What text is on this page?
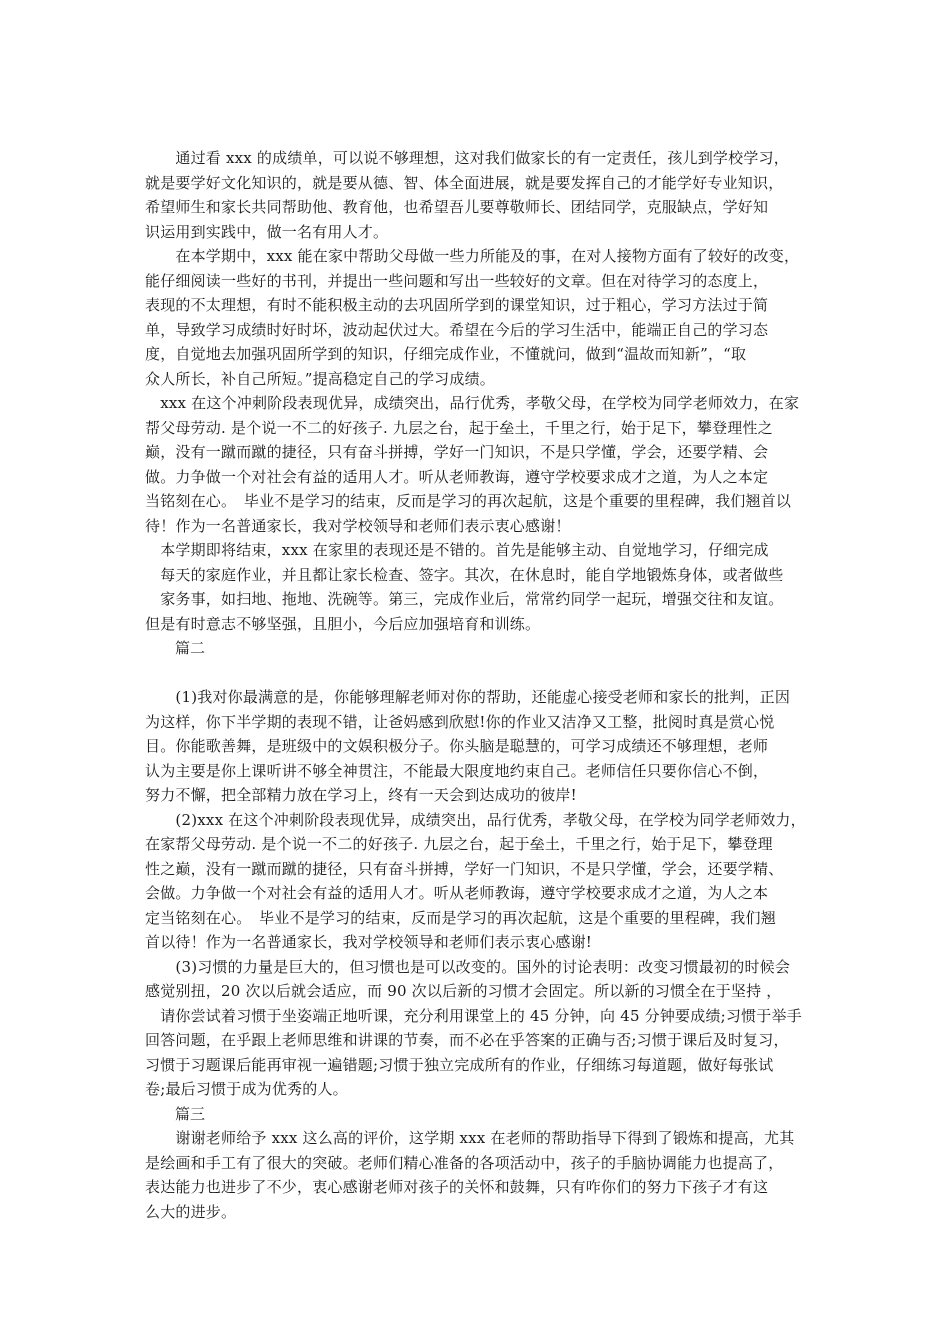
　　通过看 xxx 的成绩单，可以说不够理想，这对我们做家长的有一定责任，孩儿到学校学习，
就是要学好文化知识的，就是要从德、智、体全面进展，就是要发挥自己的才能学好专业知识，
希望师生和家长共同帮助他、教育他，也希望吾儿要尊敬师长、团结同学，克服缺点，学好知
识运用到实践中，做一名有用人才。

　　在本学期中，xxx 能在家中帮助父母做一些力所能及的事，在对人接物方面有了较好的改变，
能仔细阅读一些好的书刊，并提出一些问题和写出一些较好的文章。但在对待学习的态度上，
表现的不太理想，有时不能积极主动的去巩固所学到的课堂知识，过于粗心，学习方法过于简
单，导致学习成绩时好时坏，波动起伏过大。希望在今后的学习生活中，能端正自己的学习态
度，自觉地去加强巩固所学到的知识，仔细完成作业，不懂就问，做到“温故而知新”，“取
众人所长，补自己所短。”提高稳定自己的学习成绩。

　xxx 在这个冲刺阶段表现优异，成绩突出，品行优秀，孝敬父母，在学校为同学老师效力，在家
帮父母劳动. 是个说一不二的好孩子. 九层之台，起于垒土，千里之行，始于足下，攀登理性之
巅，没有一蹴而蹴的捷径，只有奋斗拼搏，学好一门知识，不是只学懂，学会，还要学精、会
做。力争做一个对社会有益的适用人才。听从老师教诲，遵守学校要求成才之道，为人之本定
当铭刻在心。　毕业不是学习的结束，反而是学习的再次起航，这是个重要的里程碑，我们翘首以
待！作为一名普通家长，我对学校领导和老师们表示衷心感谢！

　本学期即将结束，xxx 在家里的表现还是不错的。首先是能够主动、自觉地学习，仔细完成
　每天的家庭作业，并且都让家长检查、签字。其次，在休息时，能自学地锻炼身体，或者做些
　家务事，如扫地、拖地、洗碗等。第三，完成作业后，常常约同学一起玩，增强交往和友谊。
但是有时意志不够坚强，且胆小，今后应加强培育和训练。

　　篇二

　　(1)我对你最满意的是，你能够理解老师对你的帮助，还能虚心接受老师和家长的批判，正因
为这样，你下半学期的表现不错，让爸妈感到欣慰!你的作业又洁净又工整，批阅时真是赏心悦
目。你能歌善舞，是班级中的文娱积极分子。你头脑是聪慧的，可学习成绩还不够理想，老师
认为主要是你上课听讲不够全神贯注，不能最大限度地约束自己。老师信任只要你信心不倒，
努力不懈，把全部精力放在学习上，终有一天会到达成功的彼岸!

　　(2)xxx 在这个冲刺阶段表现优异，成绩突出，品行优秀，孝敬父母，在学校为同学老师效力，
在家帮父母劳动. 是个说一不二的好孩子. 九层之台，起于垒土，千里之行，始于足下，攀登理
性之巅，没有一蹴而蹴的捷径，只有奋斗拼搏，学好一门知识，不是只学懂，学会，还要学精、
会做。力争做一个对社会有益的适用人才。听从老师教诲，遵守学校要求成才之道，为人之本
定当铭刻在心。　毕业不是学习的结束，反而是学习的再次起航，这是个重要的里程碑，我们翘
首以待！作为一名普通家长，我对学校领导和老师们表示衷心感谢!

　　(3)习惯的力量是巨大的，但习惯也是可以改变的。国外的讨论表明：改变习惯最初的时候会
感觉别扭，20 次以后就会适应，而 90 次以后新的习惯才会固定。所以新的习惯全在于坚持 ，
　请你尝试着习惯于坐姿端正地听课，充分利用课堂上的 45 分钟，向 45 分钟要成绩;习惯于举手
回答问题，在乎跟上老师思维和讲课的节奏，而不必在乎答案的正确与否;习惯于课后及时复习，
习惯于习题课后能再审视一遍错题;习惯于独立完成所有的作业，仔细练习每道题，做好每张试
卷;最后习惯于成为优秀的人。

　　篇三

　　谢谢老师给予 xxx 这么高的评价，这学期 xxx 在老师的帮助指导下得到了锻炼和提高，尤其
是绘画和手工有了很大的突破。老师们精心准备的各项活动中，孩子的手脑协调能力也提高了，
表达能力也进步了不少，衷心感谢老师对孩子的关怀和鼓舞，只有咋你们的努力下孩子才有这
么大的进步。
